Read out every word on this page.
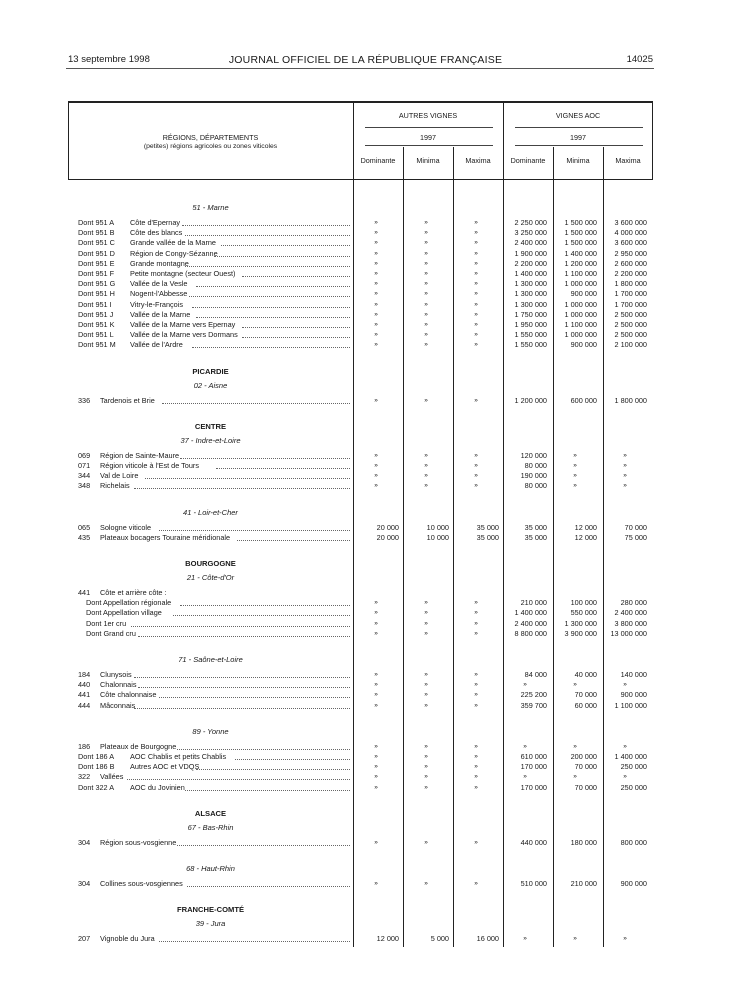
13 septembre 1998	JOURNAL OFFICIEL DE LA RÉPUBLIQUE FRANÇAISE	14025
RÉGIONS, DÉPARTEMENTS
(petites) régions agricoles ou zones viticoles
AUTRES VIGNES	VIGNES AOC
1997	1997
Dominante	Minima	Maxima	Dominante	Minima	Maxima
51 - Marne
Dont 951 A	Côte d'Epernay	»	»	»	2 250 000	1 500 000	3 600 000
Dont 951 B	Côte des blancs	»	»	»	3 250 000	1 500 000	4 000 000
Dont 951 C	Grande vallée de la Marne	»	»	»	2 400 000	1 500 000	3 600 000
Dont 951 D	Région de Congy-Sézanne	»	»	»	1 900 000	1 400 000	2 950 000
Dont 951 E	Grande montagne	»	»	»	2 200 000	1 200 000	2 600 000
Dont 951 F	Petite montagne (secteur Ouest)	»	»	»	1 400 000	1 100 000	2 200 000
Dont 951 G	Vallée de la Vesle	»	»	»	1 300 000	1 000 000	1 800 000
Dont 951 H	Nogent-l'Abbesse	»	»	»	1 300 000	900 000	1 700 000
Dont 951 I	Vitry-le-François	»	»	»	1 300 000	1 000 000	1 700 000
Dont 951 J	Vallée de la Marne	»	»	»	1 750 000	1 000 000	2 500 000
Dont 951 K	Vallée de la Marne vers Epernay	»	»	»	1 950 000	1 100 000	2 500 000
Dont 951 L	Vallée de la Marne vers Dormans	»	»	»	1 550 000	1 000 000	2 500 000
Dont 951 M	Vallée de l'Ardre	»	»	»	1 550 000	900 000	2 100 000
PICARDIE
02 - Aisne
336	Tardenois et Brie	»	»	»	1 200 000	600 000	1 800 000
CENTRE
37 - Indre-et-Loire
069	Région de Sainte-Maure	»	»	»	120 000	»	»
071	Région viticole à l'Est de Tours	»	»	»	80 000	»	»
344	Val de Loire	»	»	»	190 000	»	»
348	Richelais	»	»	»	80 000	»	»
41 - Loir-et-Cher
065	Sologne viticole	20 000	10 000	35 000	35 000	12 000	70 000
435	Plateaux bocagers Touraine méridionale	20 000	10 000	35 000	35 000	12 000	75 000
BOURGOGNE
21 - Côte-d'Or
441	Côte et arrière côte :
Dont Appellation régionale	»	»	»	210 000	100 000	280 000
Dont Appellation village	»	»	»	1 400 000	550 000	2 400 000
Dont 1er cru	»	»	»	2 400 000	1 300 000	3 800 000
Dont Grand cru	»	»	»	8 800 000	3 900 000	13 000 000
71 - Saône-et-Loire
184	Clunysois	»	»	»	84 000	40 000	140 000
440	Chalonnais	»	»	»	»	»	»
441	Côte chalonnaise	»	»	»	225 200	70 000	900 000
444	Mâconnais	»	»	»	359 700	60 000	1 100 000
89 - Yonne
186	Plateaux de Bourgogne	»	»	»	»	»	»
Dont 186 A	AOC Chablis et petits Chablis	»	»	»	610 000	200 000	1 400 000
Dont 186 B	Autres AOC et VDQS	»	»	»	170 000	70 000	250 000
322	Vallées	»	»	»	»	»	»
Dont 322 A	AOC du Jovinien	»	»	»	170 000	70 000	250 000
ALSACE
67 - Bas-Rhin
304	Région sous-vosgienne	»	»	»	440 000	180 000	800 000
68 - Haut-Rhin
304	Collines sous-vosgiennes	»	»	»	510 000	210 000	900 000
FRANCHE-COMTÉ
39 - Jura
207	Vignoble du Jura	12 000	5 000	16 000	»	»	»
